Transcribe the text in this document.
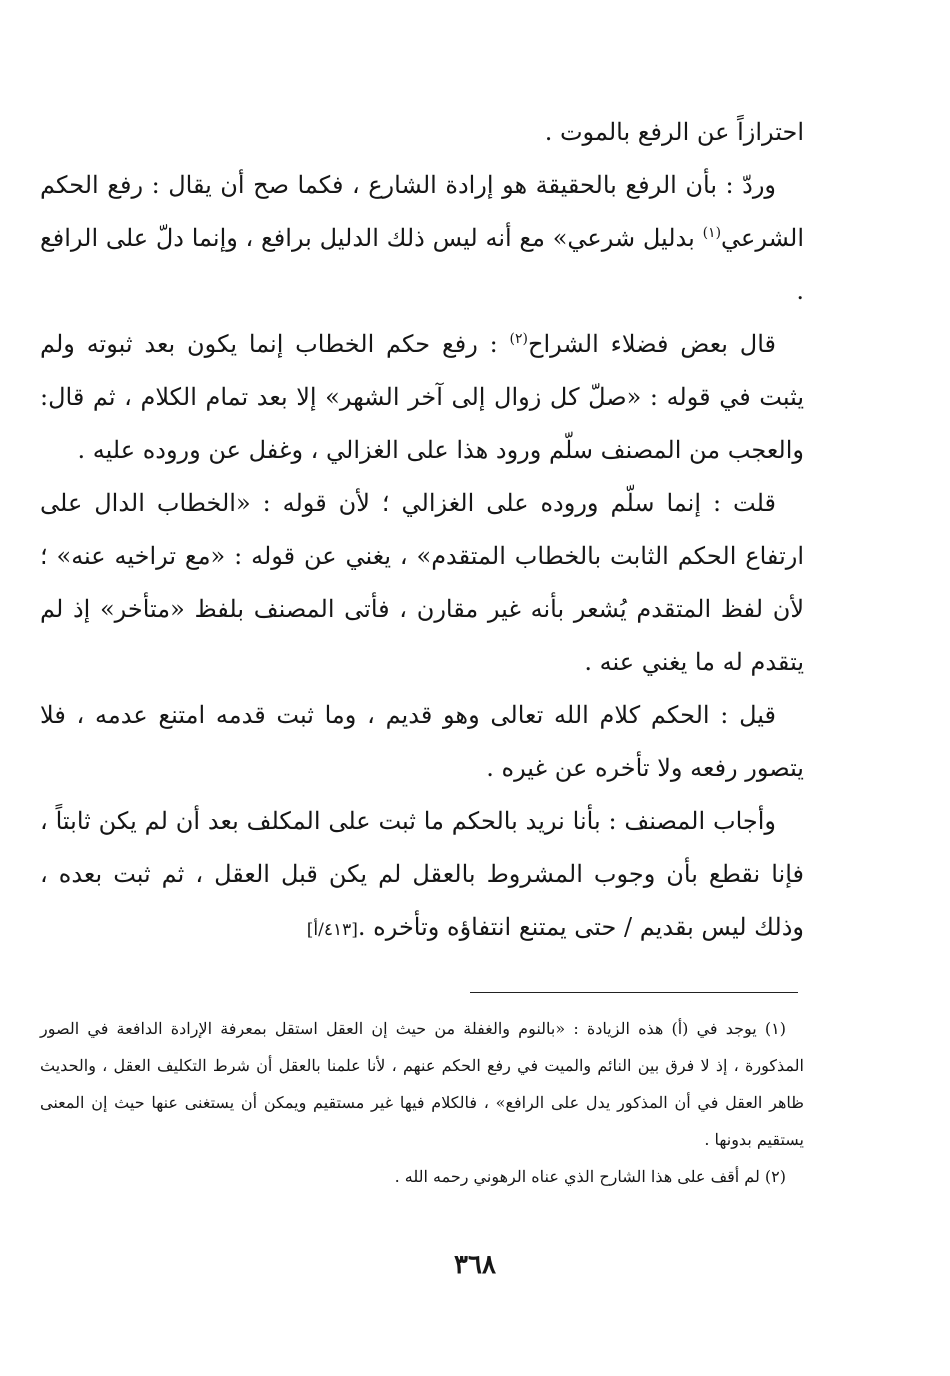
احترازاً عن الرفع بالموت .

وردّ : بأن الرفع بالحقيقة هو إرادة الشارع ، فكما صح أن يقال : رفع الحكم الشرعي$^{(١)}$ بدليل شرعي» مع أنه ليس ذلك الدليل برافع ، وإنما دلّ على الرافع .

قال بعض فضلاء الشراح$^{(٢)}$ : رفع حكم الخطاب إنما يكون بعد ثبوته ولم يثبت في قوله : «صلّ كل زوال إلى آخر الشهر» إلا بعد تمام الكلام ، ثم قال: والعجب من المصنف سلّم ورود هذا على الغزالي ، وغفل عن وروده عليه .

قلت : إنما سلّم وروده على الغزالي ؛ لأن قوله : «الخطاب الدال على ارتفاع الحكم الثابت بالخطاب المتقدم» ، يغني عن قوله : «مع تراخيه عنه» ؛ لأن لفظ المتقدم يُشعر بأنه غير مقارن ، فأتى المصنف بلفظ «متأخر» إذ لم يتقدم له ما يغني عنه .

قيل : الحكم كلام الله تعالى وهو قديم ، وما ثبت قدمه امتنع عدمه ، فلا يتصور رفعه ولا تأخره عن غيره .

وأجاب المصنف : بأنا نريد بالحكم ما ثبت على المكلف بعد أن لم يكن ثابتاً ، فإنا نقطع بأن وجوب المشروط بالعقل لم يكن قبل العقل ، ثم ثبت بعده ، وذلك ليس بقديم / حتى يمتنع انتفاؤه وتأخره .[٤١٣/أ]

(١) يوجد في (أ) هذه الزيادة : «بالنوم والغفلة من حيث إن العقل استقل بمعرفة الإرادة الدافعة في الصور المذكورة ، إذ لا فرق بين النائم والميت في رفع الحكم عنهم ، لأنا علمنا بالعقل أن شرط التكليف العقل ، والحديث ظاهر العقل في أن المذكور يدل على الرافع» ، فالكلام فيها غير مستقيم ويمكن أن يستغنى عنها حيث إن المعنى يستقيم بدونها .

(٢) لم أقف على هذا الشارح الذي عناه الرهوني رحمه الله .

٣٦٨
